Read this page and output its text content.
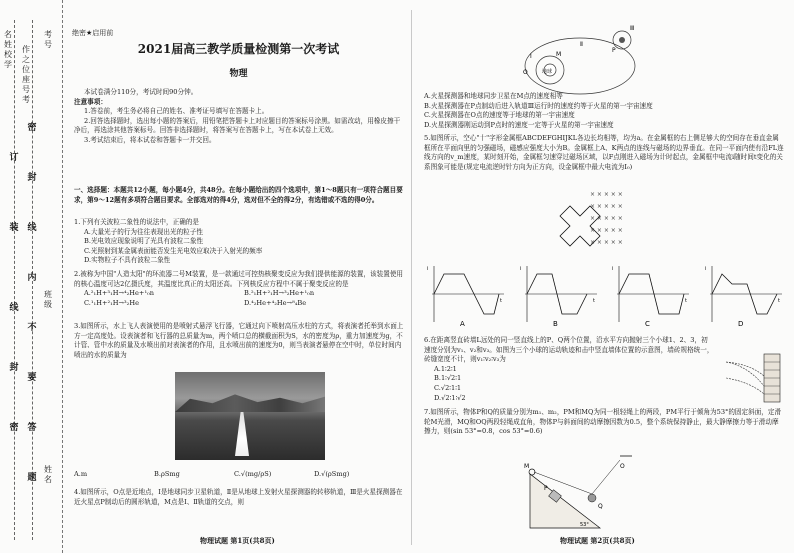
名
姓
校
学
考
号
班
级
姓
名
作
之
位
座
号
考
订
装
线
封
密
密
封
线
内
不
要
答
题
绝密★启用前
2021届高三教学质量检测第一次考试
物理

本试卷满分110分，考试时间90分钟。

注意事项：

1.答卷前，考生务必将自己的姓名、准考证号填写在答题卡上。

2.回答选择题时，选出每小题的答案后，用铅笔把答题卡上对应题目的答案标号涂黑。如需改动，用橡皮擦干净后，再选涂其他答案标号。回答非选择题时，将答案写在答题卡上，写在本试卷上无效。

3.考试结束后，将本试卷和答题卡一并交回。

一、选择题：本题共12小题，每小题4分，共48分。在每小题给出的四个选项中，第1～8题只有一项符合题目要求，第9～12题有多项符合题目要求。全部选对的得4分，选对但不全的得2分，有选错或不选的得0分。

1.下列有关波粒二象性的说法中，正确的是

A.大量光子的行为往往表现出光的粒子性

B.光电效应现象说明了光具有波粒二象性

C.光照射到某金属表面能否发生光电效应取决于入射光的频率

D.实物粒子不具有波粒二象性

2.被称为中国"人造太阳"的环流器二号M装置，是一款通过可控热核聚变反应为我们提供能源的装置，该装置使用的核心温度可达2亿摄氏度，其温度比真正的太阳还高。下列核反应方程中不属于聚变反应的是

A.²₁H+³₁H→⁴₂He+¹₀n	B.²₁H+²₁H→³₂He+¹₀n
C.¹₁H+²₁H→³₂He	D.⁴₂He+⁴₂He→⁸₄Be

3.如图所示，水上飞人表演使用的是喷射式悬浮飞行器，它通过向下喷射高压水柱的方式，将表演者托举到水面上方一定高度处。设表演者和飞行器的总质量为m，两个喷口总的横截面积为S，水的密度为ρ，重力加速度为g，不计管、管中水的质量及水喷出前对表演者的作用，且水喷出前的速度为0，则当表演者悬停在空中时，单位时间内喷出的水的质量为

A.m	B.ρSmg	C.√(mg/ρS)	D.√(ρSmg)

4.如图所示，O点是近地点，Ⅰ是地球同步卫星轨道，Ⅱ是从地球上发射火星探测器的转移轨道，Ⅲ是火星探测器在近火星点P制动后的圆形轨道，M点是Ⅰ、Ⅱ轨道的交点，则

物理试题 第1页(共8页)
地球
Ⅰ
Ⅱ
Ⅲ
M
O
P

A.火星探测器和地球同步卫星在M点的速度相等

B.火星探测器在P点制动后进入轨道Ⅲ运行时的速度约等于火星的第一宇宙速度

C.火星探测器在O点的速度等于地球的第一宇宙速度

D.火星探测器刚运动到P点时的速度一定等于火星的第一宇宙速度

5.如图所示，空心"十"字形金属框ABCDEFGHIJKL各边长均相等，均为a。在金属框的右上侧足够大的空间存在垂直金属框所在平面向里的匀强磁场，磁感应强度大小为B。金属框上A、K两点的连线与磁场的边界垂直。在同一平面内使有沿FL连线方向的v_m速度，某时刻开始，金属框匀速穿过磁场区域，以F点刚进入磁场为计时起点，金属框中电流i随时间t变化的关系图象可能是(规定电流逆时针方向为正方向，设金属框中最大电流为I₀)

× × × × ×
× × × × ×
× × × × ×
× × × × ×
× × × × ×
i
t
A
i
t
B
i
t
C
i
t
D

6.在距离竖直砖墙L远处的同一竖直线上的P、Q两个位置，沿水平方向抛射三个小球1、2、3，初速度分别为v₁、v₂和v₃。如图为三个小球的运动轨迹和击中竖直墙体位置的示意图，墙砖规格统一，砖缝宽度不计，则v₁∶v₂∶v₃为

A.1∶2∶1

B.1∶√2∶1

C.√2∶1∶1

D.√2∶1∶√2

7.如图所示，物体P和Q的质量分别为m₁、m₂，PM和MQ为同一根轻绳上的两段，PM平行于倾角为53°的固定斜面，定滑轮M光滑，MQ和OQ两段轻绳成直角，物体P与斜面间的动摩擦因数为0.5，整个系统保持静止，最大静摩擦力等于滑动摩擦力，则(sin 53°=0.8，cos 53°=0.6)

M
P
O
Q
53°
物理试题 第2页(共8页)
